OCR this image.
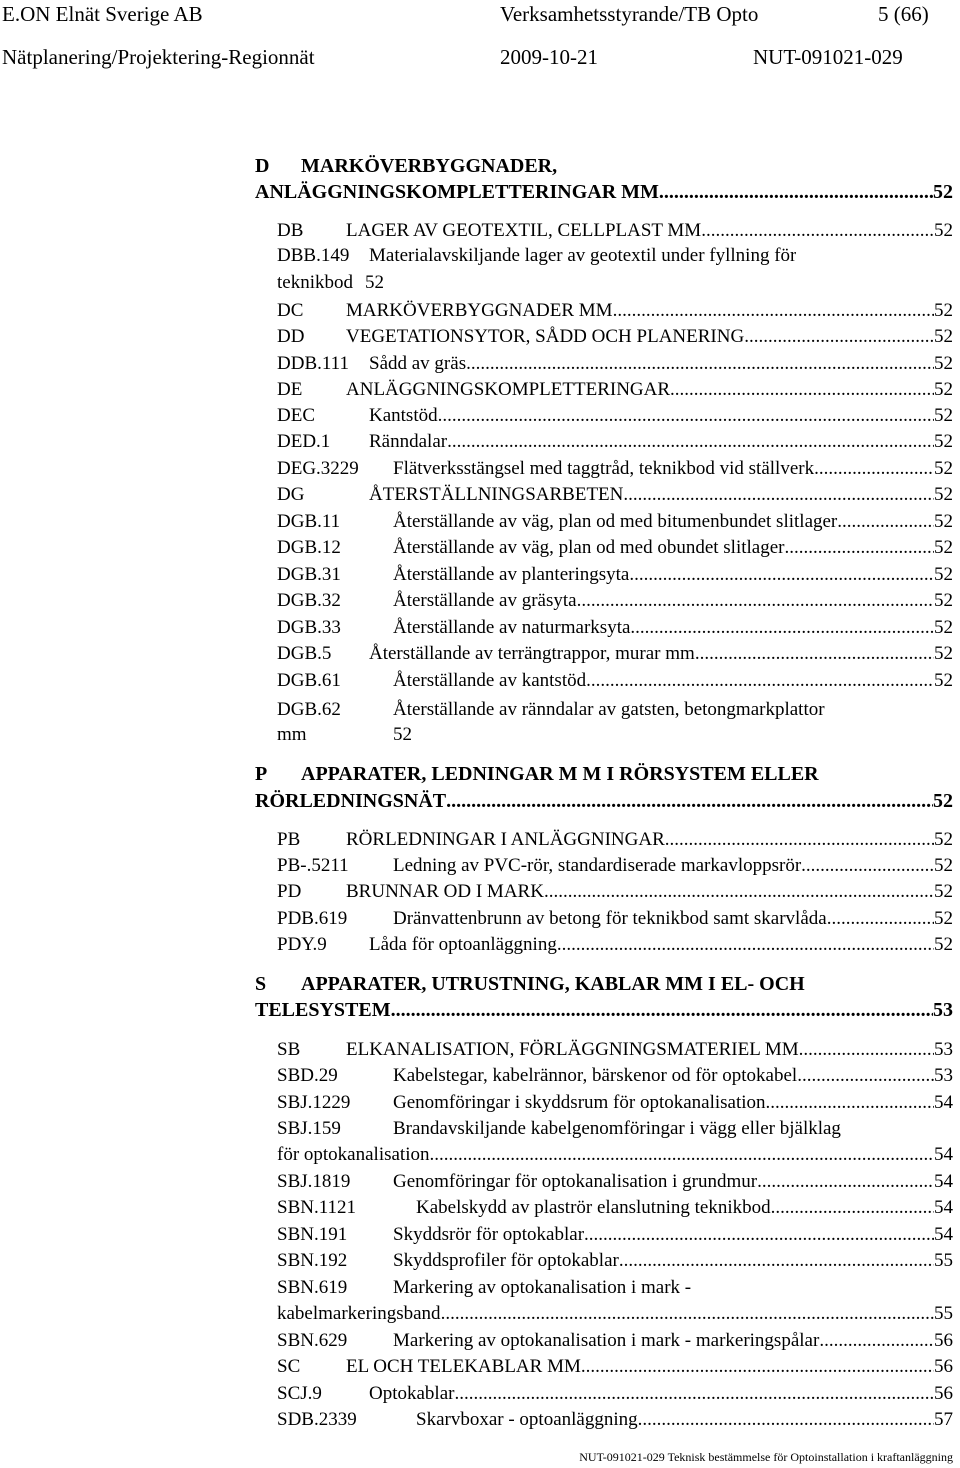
E.ON Elnät Sverige AB	Verksamhetsstyrande/TB Opto	5 (66)
Nätplanering/Projektering-Regionnät	2009-10-21	NUT-091021-029
D MARKÖVERBYGGNADER,
ANLÄGGNINGSKOMPLETTERINGAR MM .....	52
DB	LAGER AV GEOTEXTIL, CELLPLAST MM. .....	52
DBB.149 Materialavskiljande lager av geotextil under fyllning för
teknikbod 52
DC	MARKÖVERBYGGNADER MM .....	52
DD	VEGETATIONSYTOR, SÅDD OCH PLANERING .....	52
DDB.111	Sådd av gräs .....	52
DE	ANLÄGGNINGSKOMPLETTERINGAR .....	52
DEC	Kantstöd .....	52
DED.1	Ränndalar .....	52
DEG.3229	Flätverksstängsel med taggtråd, teknikbod vid ställverk. .....	52
DG	ÅTERSTÄLLNINGSARBETEN .....	52
DGB.11	Återställande av väg, plan od med bitumenbundet slitlager .....	52
DGB.12	Återställande av väg, plan od med obundet slitlager .....	52
DGB.31	Återställande av planteringsyta .....	52
DGB.32	Återställande av gräsyta .....	52
DGB.33	Återställande av naturmarksyta .....	52
DGB.5	Återställande av terrängtrappor, murar mm .....	52
DGB.61	Återställande av kantstöd .....	52
DGB.62	Återställande av ränndalar av gatsten, betongmarkplattor
mm	52
P APPARATER, LEDNINGAR M M I RÖRSYSTEM ELLER
RÖRLEDNINGSNÄT .....	52
PB	RÖRLEDNINGAR I ANLÄGGNINGAR .....	52
PB-.5211	Ledning av PVC-rör, standardiserade markavloppsrör .....	52
PD	BRUNNAR OD I MARK .....	52
PDB.619	Dränvattenbrunn av betong för teknikbod samt skarvlåda .....	52
PDY.9	Låda för optoanläggning .....	52
S APPARATER, UTRUSTNING, KABLAR MM I EL- OCH
TELESYSTEM .....	53
SB	ELKANALISATION, FÖRLÄGGNINGSMATERIEL MM .....	53
SBD.29	Kabelstegar, kabelrännor, bärskenor od för optokabel .....	53
SBJ.1229	Genomföringar i skyddsrum för optokanalisation .....	54
SBJ.159	Brandavskiljande kabelgenomföringar i vägg eller bjälklag
för optokanalisation .....	54
SBJ.1819	Genomföringar för optokanalisation i grundmur .....	54
SBN.1121	Kabelskydd av plaströr elanslutning teknikbod .....	54
SBN.191	Skyddsrör för optokablar .....	54
SBN.192	Skyddsprofiler för optokablar .....	55
SBN.619 Markering av optokanalisation i mark -
kabelmarkeringsband .....	55
SBN.629	Markering av optokanalisation i mark - markeringspålar .....	56
SC	EL OCH TELEKABLAR MM .....	56
SCJ.9	Optokablar .....	56
SDB.2339	Skarvboxar - optoanläggning .....	57
NUT-091021-029 Teknisk bestämmelse för Optoinstallation i kraftanläggning
